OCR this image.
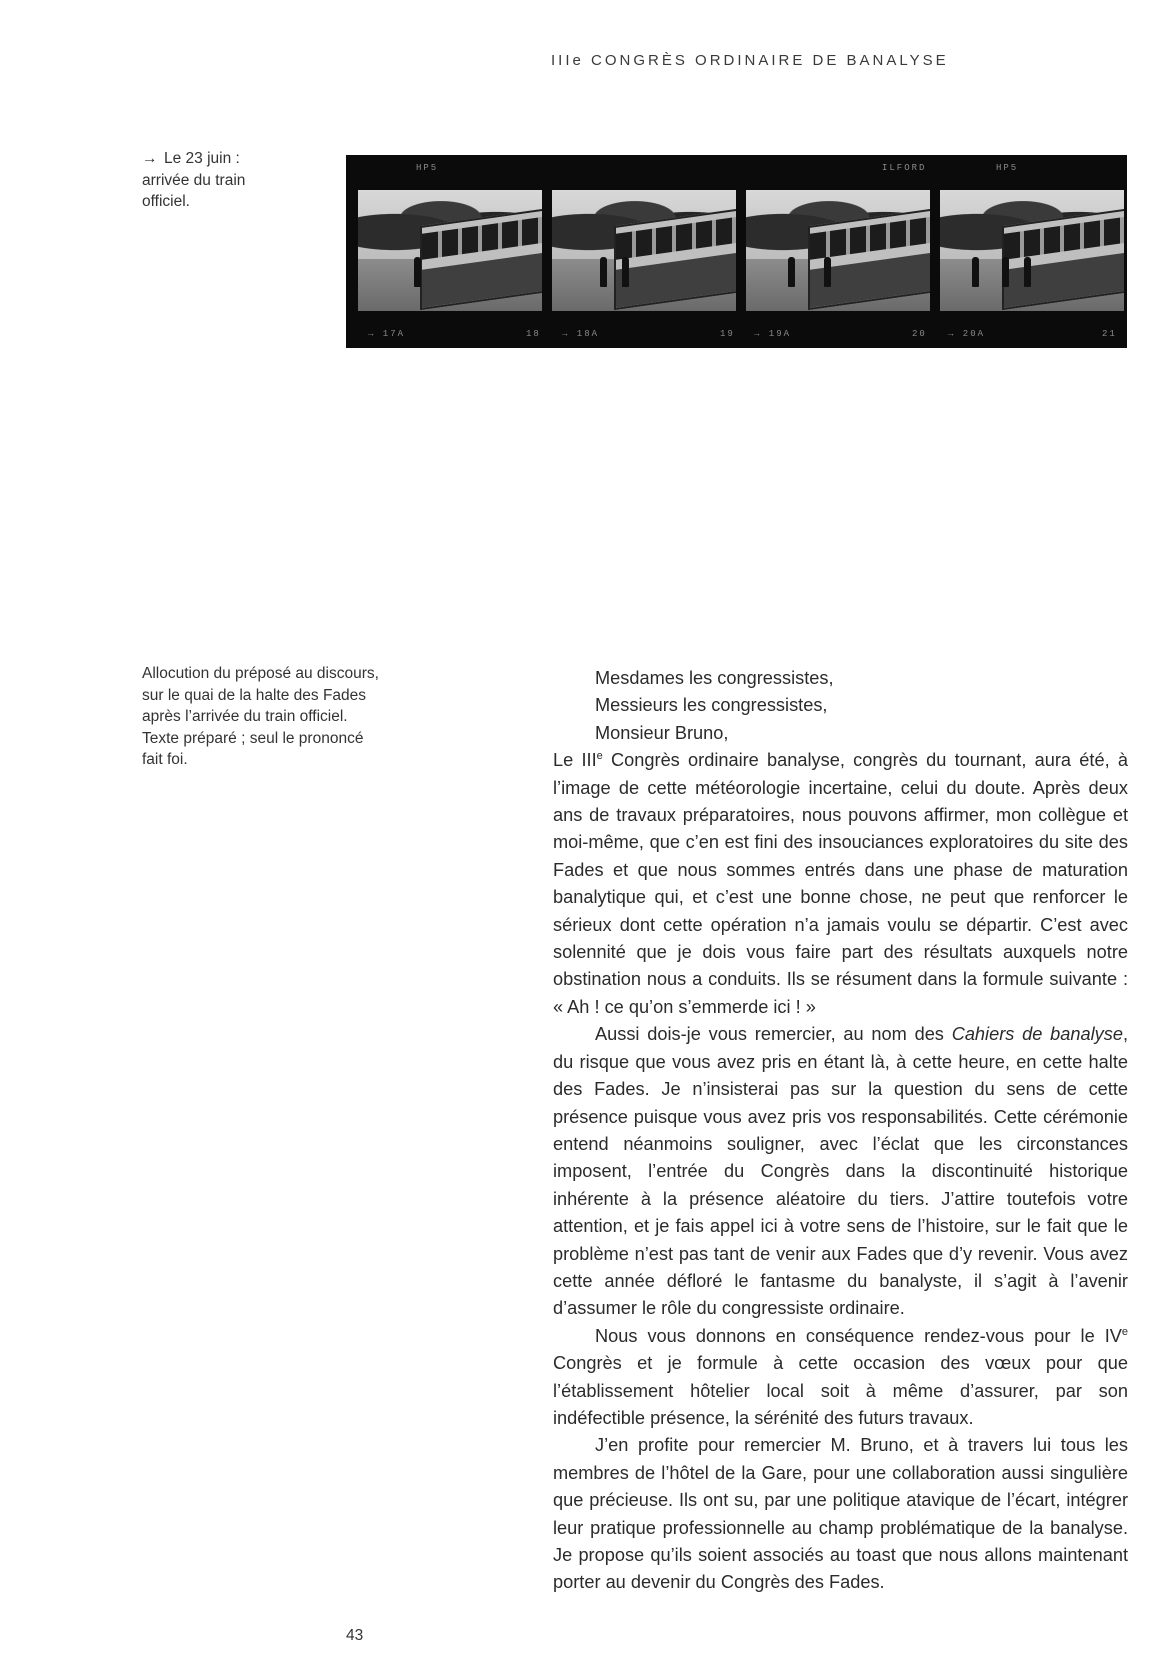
IIIe CONGRÈS ORDINAIRE DE BANALYSE
→ Le 23 juin :
arrivée du train
officiel.
HP5	ILFORD	HP5
→ 17A	18 → 18A	19 → 19A	20 → 20A	21
Allocution du préposé au discours,
sur le quai de la halte des Fades
après l’arrivée du train officiel.
Texte préparé ; seul le prononcé
fait foi.

Mesdames les congressistes,

Messieurs les congressistes,

Monsieur Bruno,

Le IIIe Congrès ordinaire banalyse, congrès du tournant, aura été, à l’image de cette météorologie incertaine, celui du doute. Après deux ans de travaux préparatoires, nous pouvons affirmer, mon collègue et moi-même, que c’en est fini des insouciances exploratoires du site des Fades et que nous sommes entrés dans une phase de maturation banalytique qui, et c’est une bonne chose, ne peut que renforcer le sérieux dont cette opération n’a jamais voulu se départir. C’est avec solennité que je dois vous faire part des résultats auxquels notre obstination nous a conduits. Ils se résument dans la formule suivante : « Ah ! ce qu’on s’emmerde ici ! »

Aussi dois-je vous remercier, au nom des Cahiers de banalyse, du risque que vous avez pris en étant là, à cette heure, en cette halte des Fades. Je n’insisterai pas sur la question du sens de cette présence puisque vous avez pris vos responsabilités. Cette cérémonie entend néanmoins souligner, avec l’éclat que les circonstances imposent, l’entrée du Congrès dans la discontinuité historique inhérente à la présence aléatoire du tiers. J’attire toutefois votre attention, et je fais appel ici à votre sens de l’histoire, sur le fait que le problème n’est pas tant de venir aux Fades que d’y revenir. Vous avez cette année défloré le fantasme du banalyste, il s’agit à l’avenir d’assumer le rôle du congressiste ordinaire.

Nous vous donnons en conséquence rendez-vous pour le IVe Congrès et je formule à cette occasion des vœux pour que l’établissement hôtelier local soit à même d’assurer, par son indéfectible présence, la sérénité des futurs travaux.

J’en profite pour remercier M. Bruno, et à travers lui tous les membres de l’hôtel de la Gare, pour une collaboration aussi singulière que précieuse. Ils ont su, par une politique atavique de l’écart, intégrer leur pratique professionnelle au champ problématique de la banalyse. Je propose qu’ils soient associés au toast que nous allons maintenant porter au devenir du Congrès des Fades.

43
